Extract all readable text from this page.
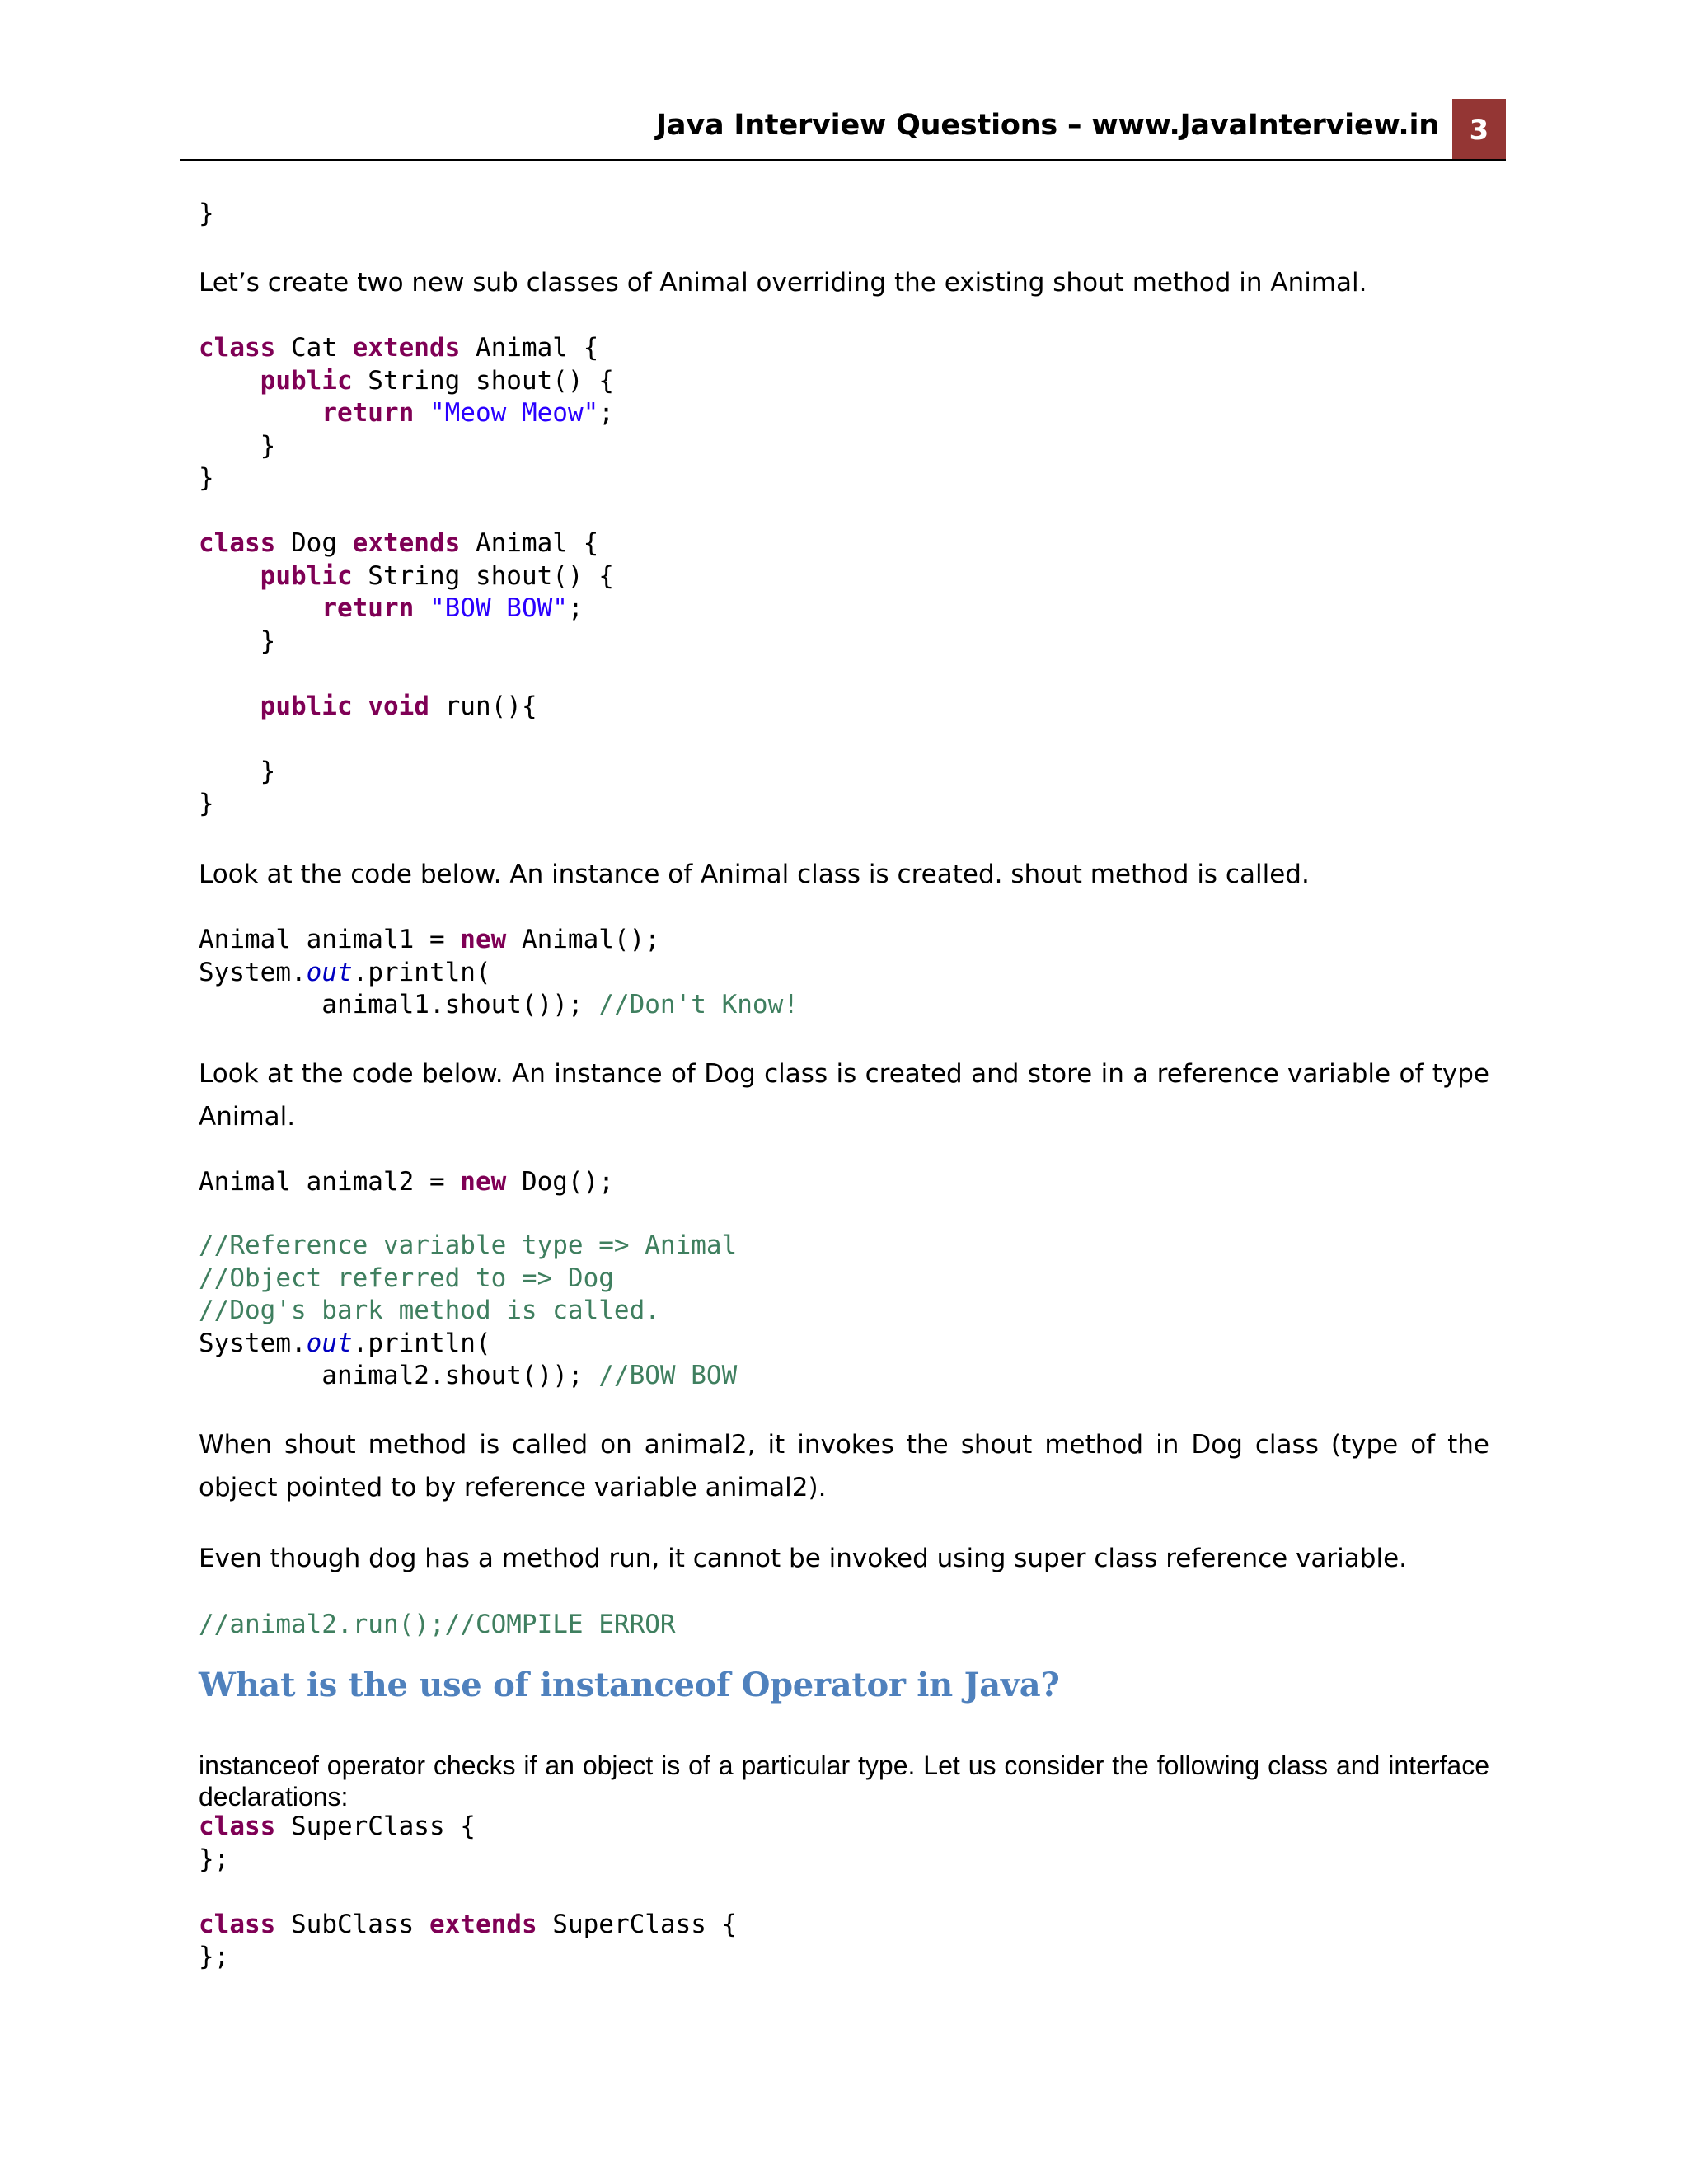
Java Interview Questions – www.JavaInterview.in	3
}

Let’s create two new sub classes of Animal overriding the existing shout method in Animal.

class Cat extends Animal {
public String shout() {
return "Meow Meow";
}
}

class Dog extends Animal {
public String shout() {
return "BOW BOW";
}

public void run(){

}
}

Look at the code below. An instance of Animal class is created. shout method is called.

Animal animal1 = new Animal();
System.out.println(
animal1.shout()); //Don't Know!

Look at the code below. An instance of Dog class is created and store in a reference variable of type Animal.

Animal animal2 = new Dog();
//Reference variable type => Animal
//Object referred to => Dog
//Dog's bark method is called.
System.out.println(
animal2.shout()); //BOW BOW

When shout method is called on animal2, it invokes the shout method in Dog class (type of the object pointed to by reference variable animal2).

Even though dog has a method run, it cannot be invoked using super class reference variable.

//animal2.run();//COMPILE ERROR
What is the use of instanceof Operator in Java?

instanceof operator checks if an object is of a particular type. Let us consider the following class and interface declarations:

class SuperClass {
};

class SubClass extends SuperClass {
};
